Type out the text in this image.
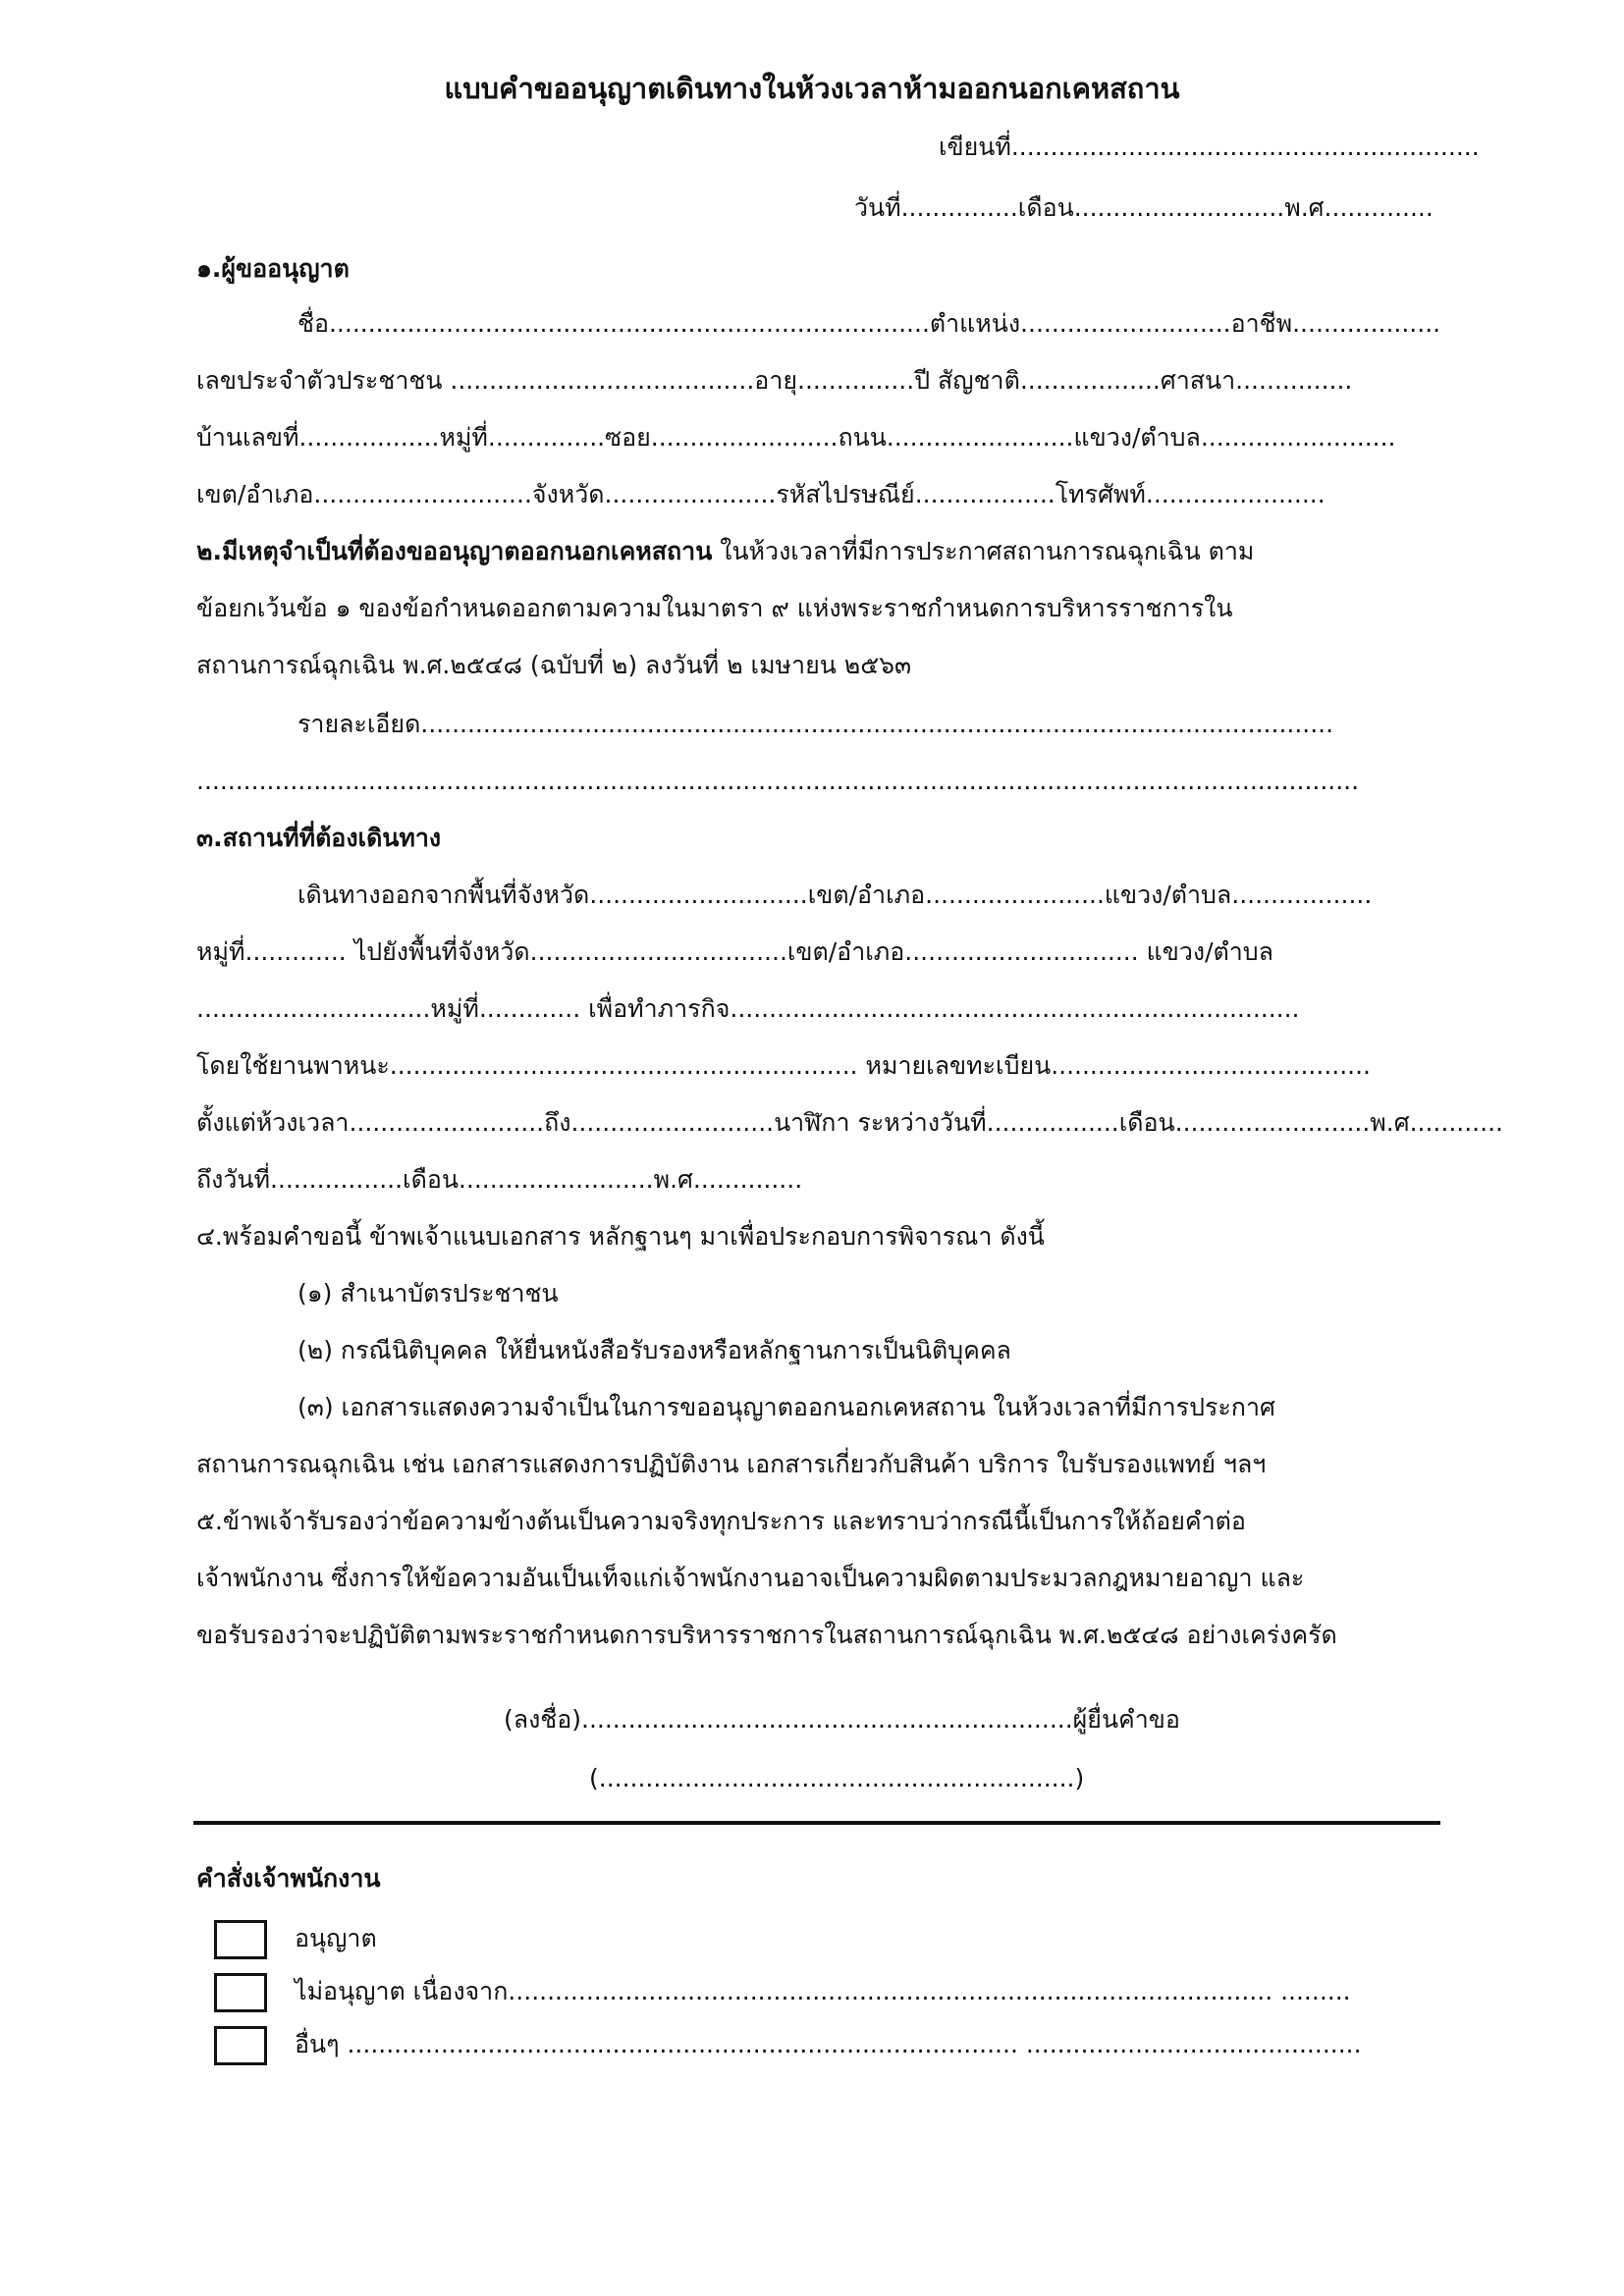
แบบคำขออนุญาตเดินทางในห้วงเวลาห้ามออกนอกเคหสถาน
เขียนที่............................................................
วันที่...............เดือน...........................พ.ศ..............
๑.ผู้ขออนุญาต
ชื่อ.............................................................................ตำแหน่ง...........................อาชีพ...................
เลขประจำตัวประชาชน .......................................อายุ...............ปี สัญชาติ..................ศาสนา...............
บ้านเลขที่..................หมู่ที่...............ซอย........................ถนน........................แขวง/ตำบล.........................
เขต/อำเภอ............................จังหวัด......................รหัสไปรษณีย์..................โทรศัพท์.......................
๒.มีเหตุจำเป็นที่ต้องขออนุญาตออกนอกเคหสถาน ในห้วงเวลาที่มีการประกาศสถานการณฉุกเฉิน ตาม
ข้อยกเว้นข้อ ๑ ของข้อกำหนดออกตามความในมาตรา ๙ แห่งพระราชกำหนดการบริหารราชการใน
สถานการณ์ฉุกเฉิน พ.ศ.๒๕๔๘ (ฉบับที่ ๒) ลงวันที่ ๒ เมษายน ๒๕๖๓
รายละเอียด.....................................................................................................................
.....................................................................................................................................................
๓.สถานที่ที่ต้องเดินทาง
เดินทางออกจากพื้นที่จังหวัด............................เขต/อำเภอ.......................แขวง/ตำบล..................
หมู่ที่............. ไปยังพื้นที่จังหวัด.................................เขต/อำเภอ.............................. แขวง/ตำบล
..............................หมู่ที่............. เพื่อทำภารกิจ.........................................................................
โดยใช้ยานพาหนะ............................................................ หมายเลขทะเบียน.........................................
ตั้งแต่ห้วงเวลา.........................ถึง..........................นาฬิกา ระหว่างวันที่.................เดือน.........................พ.ศ............
ถึงวันที่.................เดือน.........................พ.ศ..............
๔.พร้อมคำขอนี้ ข้าพเจ้าแนบเอกสาร หลักฐานๆ มาเพื่อประกอบการพิจารณา ดังนี้
(๑) สำเนาบัตรประชาชน
(๒) กรณีนิติบุคคล ให้ยื่นหนังสือรับรองหรือหลักฐานการเป็นนิติบุคคล
(๓) เอกสารแสดงความจำเป็นในการขออนุญาตออกนอกเคหสถาน ในห้วงเวลาที่มีการประกาศ
สถานการณฉุกเฉิน เช่น เอกสารแสดงการปฏิบัติงาน เอกสารเกี่ยวกับสินค้า บริการ ใบรับรองแพทย์ ฯลฯ
๕.ข้าพเจ้ารับรองว่าข้อความข้างต้นเป็นความจริงทุกประการ และทราบว่ากรณีนี้เป็นการให้ถ้อยคำต่อ
เจ้าพนักงาน ซึ่งการให้ข้อความอันเป็นเท็จแก่เจ้าพนักงานอาจเป็นความผิดตามประมวลกฎหมายอาญา และ
ขอรับรองว่าจะปฏิบัติตามพระราชกำหนดการบริหารราชการในสถานการณ์ฉุกเฉิน พ.ศ.๒๕๔๘ อย่างเคร่งครัด
(ลงชื่อ)...............................................................ผู้ยื่นคำขอ
(.............................................................)
คำสั่งเจ้าพนักงาน
อนุญาต
ไม่อนุญาต เนื่องจาก.................................................................................................. .........
อื่นๆ ...................................................................................... ...........................................
